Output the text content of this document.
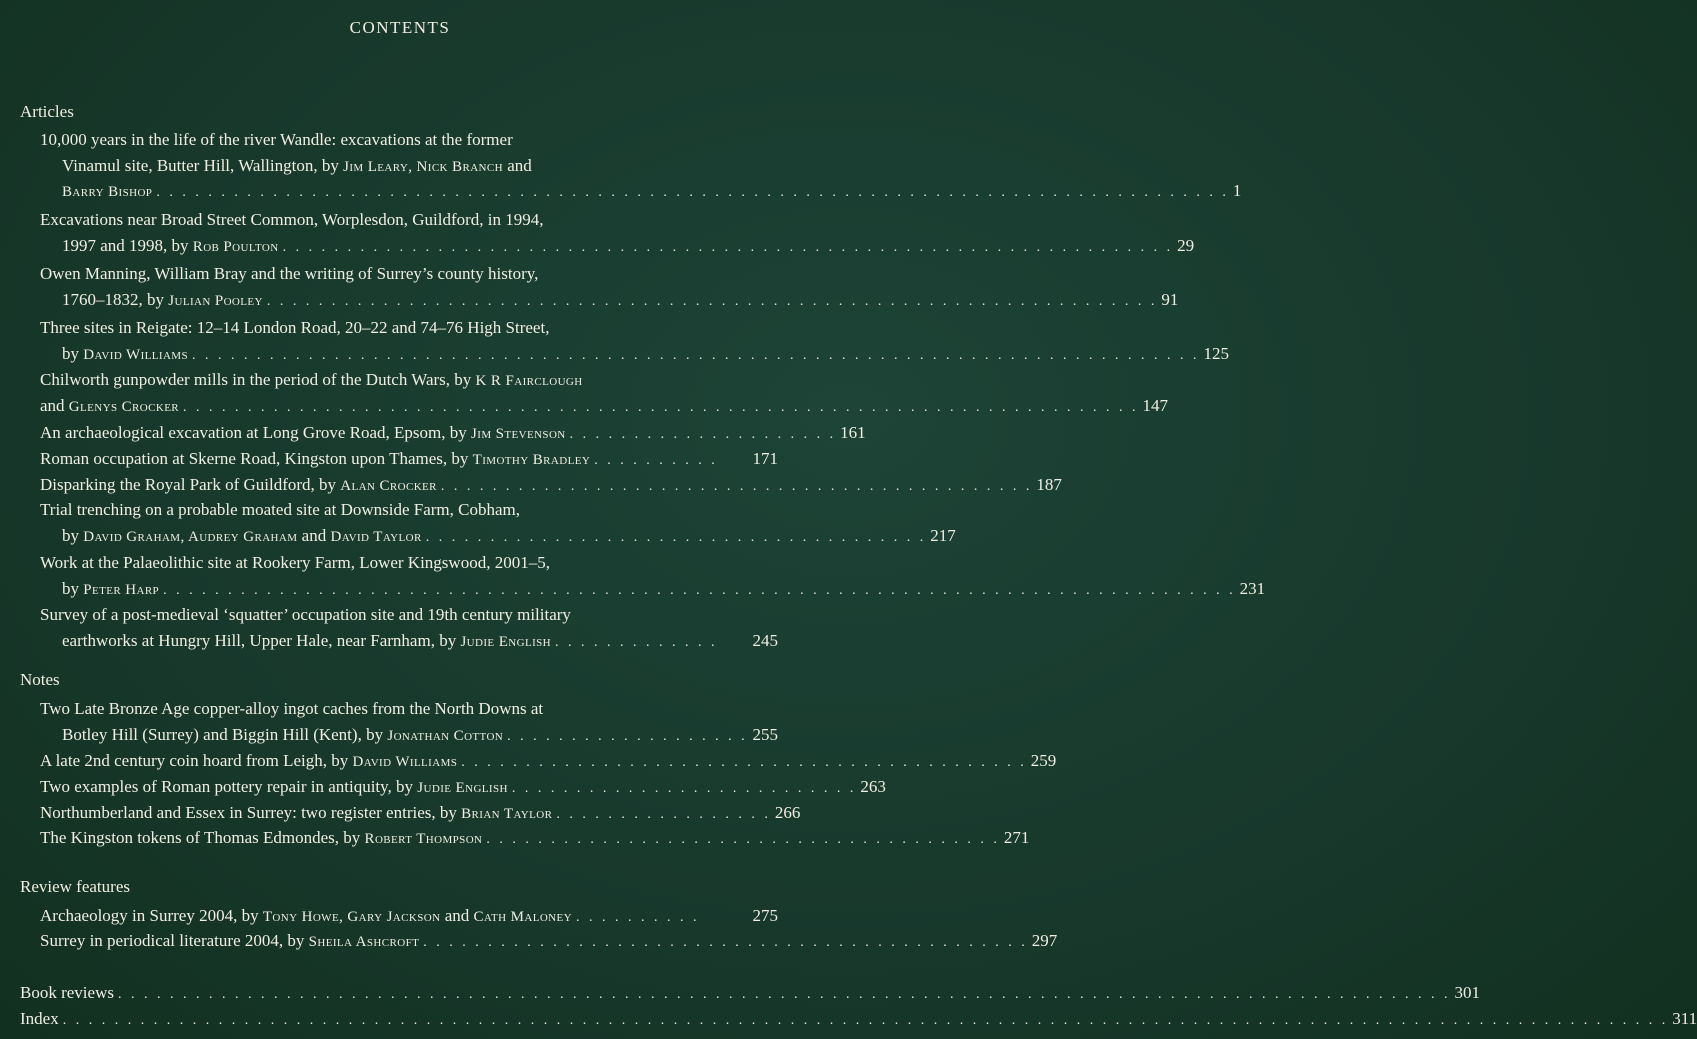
CONTENTS
Articles
10,000 years in the life of the river Wandle: excavations at the former
Vinamul site, Butter Hill, Wallington, by Jim Leary, Nick Branch and
Barry Bishop . . . . . . . . . . . . . . . . . . . . . . . . . . . . . . . . . . . . . . . . . . . . . . . . . . . . . . . . . . . . . . . . . . . . . . . . . . . . . . . . . . . 1
Excavations near Broad Street Common, Worplesdon, Guildford, in 1994,
1997 and 1998, by Rob Poulton . . . . . . . . . . . . . . . . . . . . . . . . . . . . . . . . . . . . . . . . . . . . . . . . . . . . . . . . . . . . . . . . . . . . . 29
Owen Manning, William Bray and the writing of Surrey’s county history,
1760–1832, by Julian Pooley . . . . . . . . . . . . . . . . . . . . . . . . . . . . . . . . . . . . . . . . . . . . . . . . . . . . . . . . . . . . . . . . . . . . . 91
Three sites in Reigate: 12–14 London Road, 20–22 and 74–76 High Street,
by David Williams . . . . . . . . . . . . . . . . . . . . . . . . . . . . . . . . . . . . . . . . . . . . . . . . . . . . . . . . . . . . . . . . . . . . . . . . . . . . . . 125
Chilworth gunpowder mills in the period of the Dutch Wars, by K R Fairclough
and Glenys Crocker . . . . . . . . . . . . . . . . . . . . . . . . . . . . . . . . . . . . . . . . . . . . . . . . . . . . . . . . . . . . . . . . . . . . . . . . . . 147
An archaeological excavation at Long Grove Road, Epsom, by Jim Stevenson . . . . . . . . . . . . . . . . . . . . . 161
Roman occupation at Skerne Road, Kingston upon Thames, by Timothy Bradley . . . . . . . . . .	171
Disparking the Royal Park of Guildford, by Alan Crocker . . . . . . . . . . . . . . . . . . . . . . . . . . . . . . . . . . . . . . . . . . . . . . 187
Trial trenching on a probable moated site at Downside Farm, Cobham,
by David Graham, Audrey Graham and David Taylor . . . . . . . . . . . . . . . . . . . . . . . . . . . . . . . . . . . . . . . 217
Work at the Palaeolithic site at Rookery Farm, Lower Kingswood, 2001–5,
by Peter Harp . . . . . . . . . . . . . . . . . . . . . . . . . . . . . . . . . . . . . . . . . . . . . . . . . . . . . . . . . . . . . . . . . . . . . . . . . . . . . . . . . . . 231
Survey of a post-medieval ‘squatter’ occupation site and 19th century military
earthworks at Hungry Hill, Upper Hale, near Farnham, by Judie English . . . . . . . . . . . . .	245
Notes
Two Late Bronze Age copper-alloy ingot caches from the North Downs at
Botley Hill (Surrey) and Biggin Hill (Kent), by Jonathan Cotton . . . . . . . . . . . . . . . . . . . 255
A late 2nd century coin hoard from Leigh, by David Williams . . . . . . . . . . . . . . . . . . . . . . . . . . . . . . . . . . . . . . . . . . . . 259
Two examples of Roman pottery repair in antiquity, by Judie English . . . . . . . . . . . . . . . . . . . . . . . . . . . 263
Northumberland and Essex in Surrey: two register entries, by Brian Taylor . . . . . . . . . . . . . . . . . 266
The Kingston tokens of Thomas Edmondes, by Robert Thompson . . . . . . . . . . . . . . . . . . . . . . . . . . . . . . . . . . . . . . . . 271
Review features
Archaeology in Surrey 2004, by Tony Howe, Gary Jackson and Cath Maloney . . . . . . . . . .	275
Surrey in periodical literature 2004, by Sheila Ashcroft . . . . . . . . . . . . . . . . . . . . . . . . . . . . . . . . . . . . . . . . . . . . . . . 297
Book reviews . . . . . . . . . . . . . . . . . . . . . . . . . . . . . . . . . . . . . . . . . . . . . . . . . . . . . . . . . . . . . . . . . . . . . . . . . . . . . . . . . . . . . . . . . . . . . . . . . . . . . . . 301
Index . . . . . . . . . . . . . . . . . . . . . . . . . . . . . . . . . . . . . . . . . . . . . . . . . . . . . . . . . . . . . . . . . . . . . . . . . . . . . . . . . . . . . . . . . . . . . . . . . . . . . . . . . . . . . . . . . . . . . . . . . . . . 311
